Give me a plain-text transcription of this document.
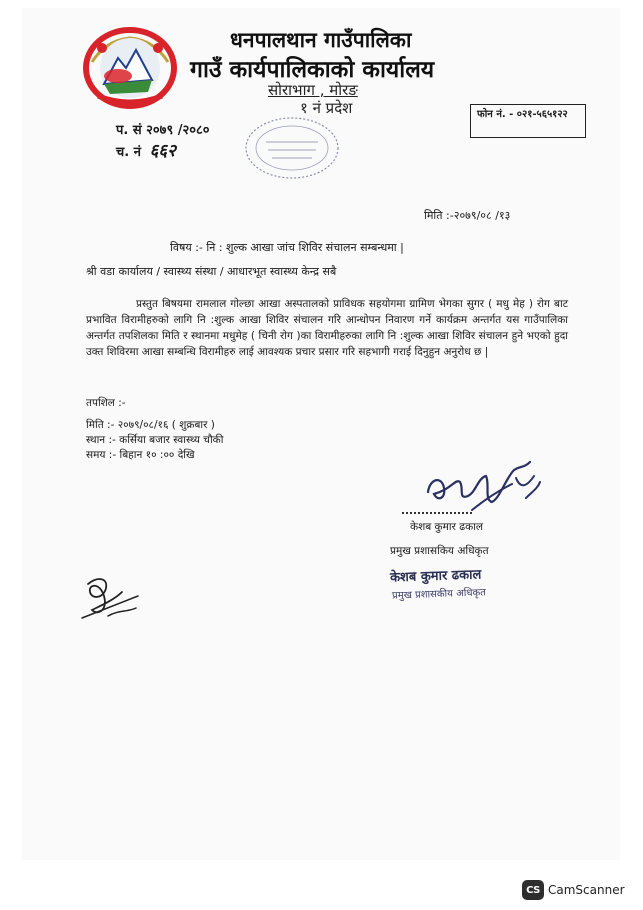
धनपालथान गाउँपालिका
गाउँ कार्यपालिकाको कार्यालय
सोराभाग , मोरङ
१ नं प्रदेश	फोन नं. - ०२१-५६५१२२
प. सं २०७९ /२०८०
च. नं ६६२
मिति :-२०७९/०८ /१३
विषय :- नि : शुल्क आखा जांच शिविर संचालन सम्बन्धमा |
श्री वडा कार्यालय / स्वास्थ्य संस्था / आधारभूत स्वास्थ्य केन्द्र सबै
प्रस्तुत बिषयमा रामलाल गोल्छा आखा अस्पतालको प्राविधक सहयोगमा ग्रामिण भेगका सुगर ( मधु मेह ) रोग बाट प्रभावित विरामीहरुको लागि नि :शुल्क आखा शिविर संचालन गरि आन्धोपन निवारण गर्ने कार्यक्रम अन्तर्गत यस गाउँपालिका अन्तर्गत तपशिलका मिति र स्थानमा मधुमेह ( चिनी रोग )का विरामीहरुका लागि नि :शुल्क आखा शिविर संचालन हुने भएको हुदा उक्त शिविरमा आखा सम्बन्धि विरामीहरु लाई आवश्यक प्रचार प्रसार गरि सहभागी गराई दिनुहुन अनुरोध छ |
तपशिल :-
मिति :- २०७९/०८/१६ ( शुक्रबार )
स्थान :- कर्सिया बजार स्वास्थ्य चौकी
समय :- बिहान १० :०० देखि
केशब कुमार ढकाल
प्रमुख प्रशासकिय अधिकृत
केशब कुमार ढकाल
प्रमुख प्रशासकीय अधिकृत
CS CamScanner
